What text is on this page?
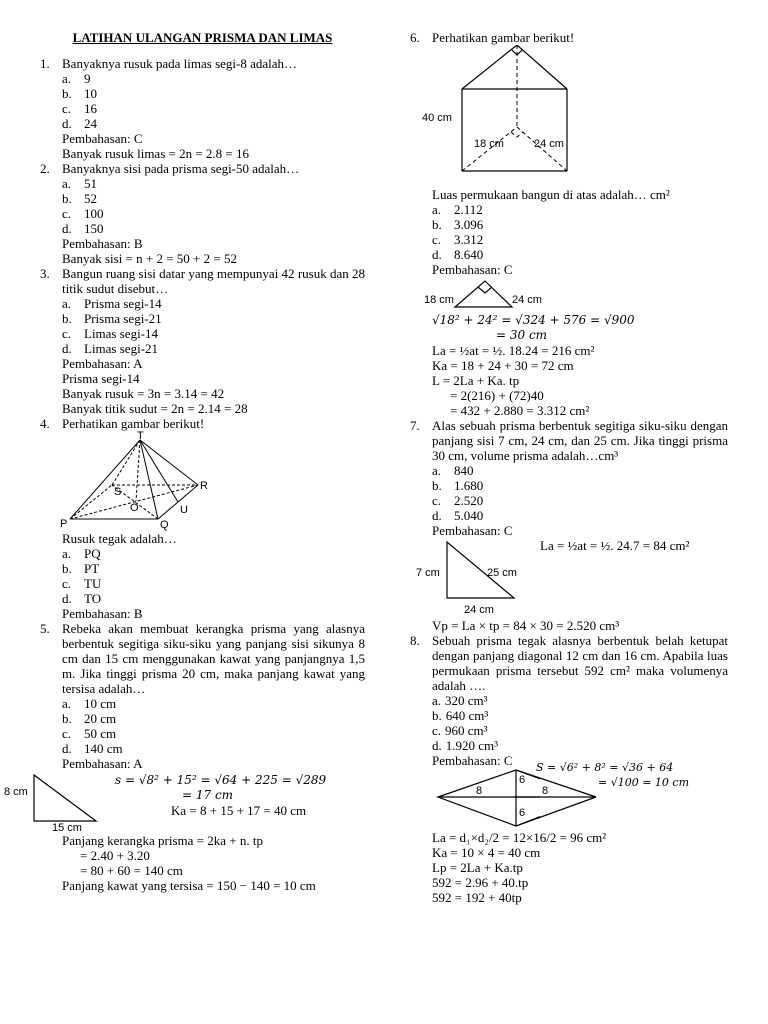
LATIHAN ULANGAN PRISMA DAN LIMAS
1. Banyaknya rusuk pada limas segi-8 adalah…
a. 9
b. 10
c. 16
d. 24
Pembahasan: C
Banyak rusuk limas = 2n = 2.8 = 16
2. Banyaknya sisi pada prisma segi-50 adalah…
a. 51
b. 52
c. 100
d. 150
Pembahasan: B
Banyak sisi = n + 2 = 50 + 2 = 52
3. Bangun ruang sisi datar yang mempunyai 42 rusuk dan 28 titik sudut disebut…
a. Prisma segi-14
b. Prisma segi-21
c. Limas segi-14
d. Limas segi-21
Pembahasan: A
Prisma segi-14
Banyak rusuk = 3n = 3.14 = 42
Banyak titik sudut = 2n = 2.14 = 28
4. Perhatikan gambar berikut!
T
R
S
O	U
P	Q
Rusuk tegak adalah…
a. PQ
b. PT
c. TU
d. TO
Pembahasan: B
5. Rebeka akan membuat kerangka prisma yang alasnya berbentuk segitiga siku-siku yang panjang sisi sikunya 8 cm dan 15 cm menggunakan kawat yang panjangnya 1,5 m. Jika tinggi prisma 20 cm, maka panjang kawat yang tersisa adalah…
a. 10 cm
b. 20 cm
c. 50 cm
d. 140 cm
Pembahasan: A
8 cm
15 cm
s = √8² + 15² = √64 + 225 = √289
= 17 cm
Ka = 8 + 15 + 17 = 40 cm
Panjang kerangka prisma = 2ka + n. tp
= 2.40 + 3.20
= 80 + 60 = 140 cm
Panjang kawat yang tersisa = 150 − 140 = 10 cm
6. Perhatikan gambar berikut!
40 cm
18 cm	24 cm
Luas permukaan bangun di atas adalah… cm²
a. 2.112
b. 3.096
c. 3.312
d. 8.640
Pembahasan: C
18 cm	24 cm
√18² + 24² = √324 + 576 = √900
= 30 cm
La = ½at = ½. 18.24 = 216 cm²
Ka = 18 + 24 + 30 = 72 cm
L = 2La + Ka. tp
= 2(216) + (72)40
= 432 + 2.880 = 3.312 cm²
7. Alas sebuah prisma berbentuk segitiga siku-siku dengan panjang sisi 7 cm, 24 cm, dan 25 cm. Jika tinggi prisma 30 cm, volume prisma adalah…cm³
a. 840
b. 1.680
c. 2.520
d. 5.040
Pembahasan: C
7 cm	25 cm
24 cm
La = ½at = ½. 24.7 = 84 cm²
Vp = La × tp = 84 × 30 = 2.520 cm³
8. Sebuah prisma tegak alasnya berbentuk belah ketupat dengan panjang diagonal 12 cm dan 16 cm. Apabila luas permukaan prisma tersebut 592 cm² maka volumenya adalah ….
a. 320 cm³
b. 640 cm³
c. 960 cm³
d. 1.920 cm³
Pembahasan: C
6
8
6
8
S = √6² + 8² = √36 + 64
= √100 = 10 cm
La = d₁×d₂/2 = 12×16/2 = 96 cm²
Ka = 10 × 4 = 40 cm
Lp = 2La + Ka.tp
592 = 2.96 + 40.tp
592 = 192 + 40tp
